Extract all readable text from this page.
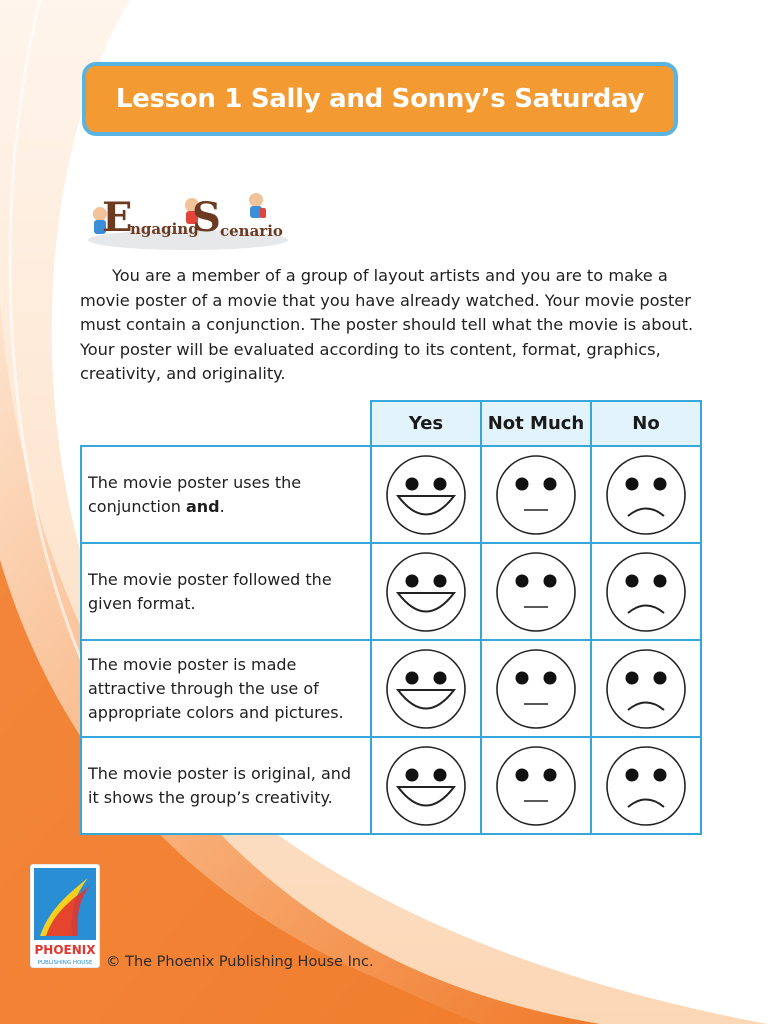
Lesson 1 Sally and Sonny’s Saturday
E
ngaging
S cenario

You are a member of a group of layout artists and you are to make a movie poster of a movie that you have already watched. Your movie poster must contain a conjunction. The poster should tell what the movie is about. Your poster will be evaluated according to its content, format, graphics, creativity, and originality.

	Yes	Not Much	No
The movie poster uses the conjunction and.	

The movie poster followed the given format.	

The movie poster is made attractive through the use of appropriate colors and pictures.	

The movie poster is original, and it shows the group’s creativity.	

PHOENIX
PUBLISHING HOUSE © The Phoenix Publishing House Inc.
